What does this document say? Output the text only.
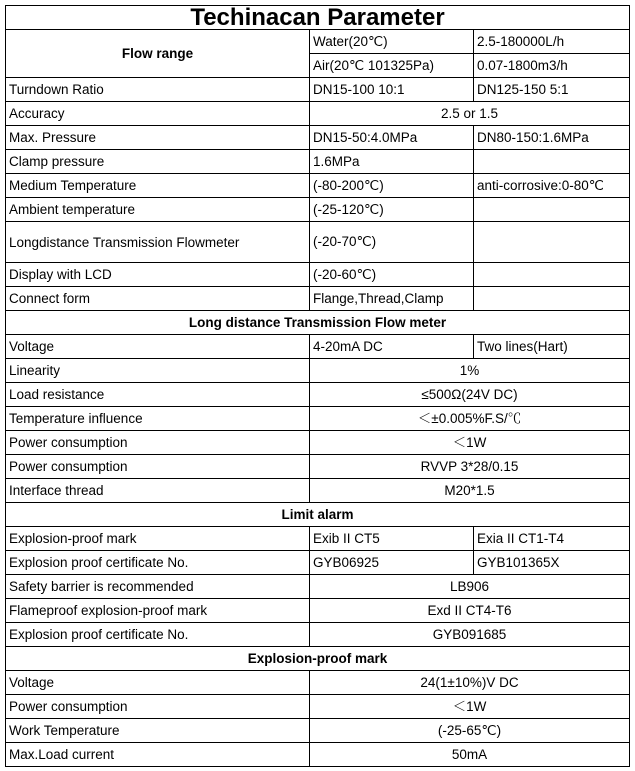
Techinacan Parameter		
Flow range	Water(20℃)	2.5-180000L/h
	Air(20℃ 101325Pa)	0.07-1800m3/h
Turndown Ratio	DN15-100 10:1	DN125-150 5:1
Accuracy	2.5 or 1.5	
Max. Pressure	DN15-50:4.0MPa	DN80-150:1.6MPa
Clamp pressure	1.6MPa	
Medium Temperature	(-80-200℃)	anti-corrosive:0-80℃
Ambient temperature	(-25-120℃)	
Longdistance Transmission Flowmeter	(-20-70℃)	
Display with LCD	(-20-60℃)	
Connect form	Flange,Thread,Clamp	
Long distance Transmission Flow meter		
Voltage	4-20mA DC	Two lines(Hart)
Linearity	1%	
Load resistance	≤500Ω(24V DC)	
Temperature influence	＜±0.005%F.S/℃	
Power consumption	＜1W	
Power consumption	RVVP 3*28/0.15	
Interface thread	M20*1.5	
Limit alarm		
Explosion-proof mark	Exib II CT5	Exia II CT1-T4
Explosion proof certificate No.	GYB06925	GYB101365X
Safety barrier is recommended	LB906	
Flameproof explosion-proof mark	Exd II CT4-T6	
Explosion proof certificate No.	GYB091685	
Explosion-proof mark		
Voltage	24(1±10%)V DC	
Power consumption	＜1W	
Work Temperature	(-25-65℃)	
Max.Load current	50mA	
